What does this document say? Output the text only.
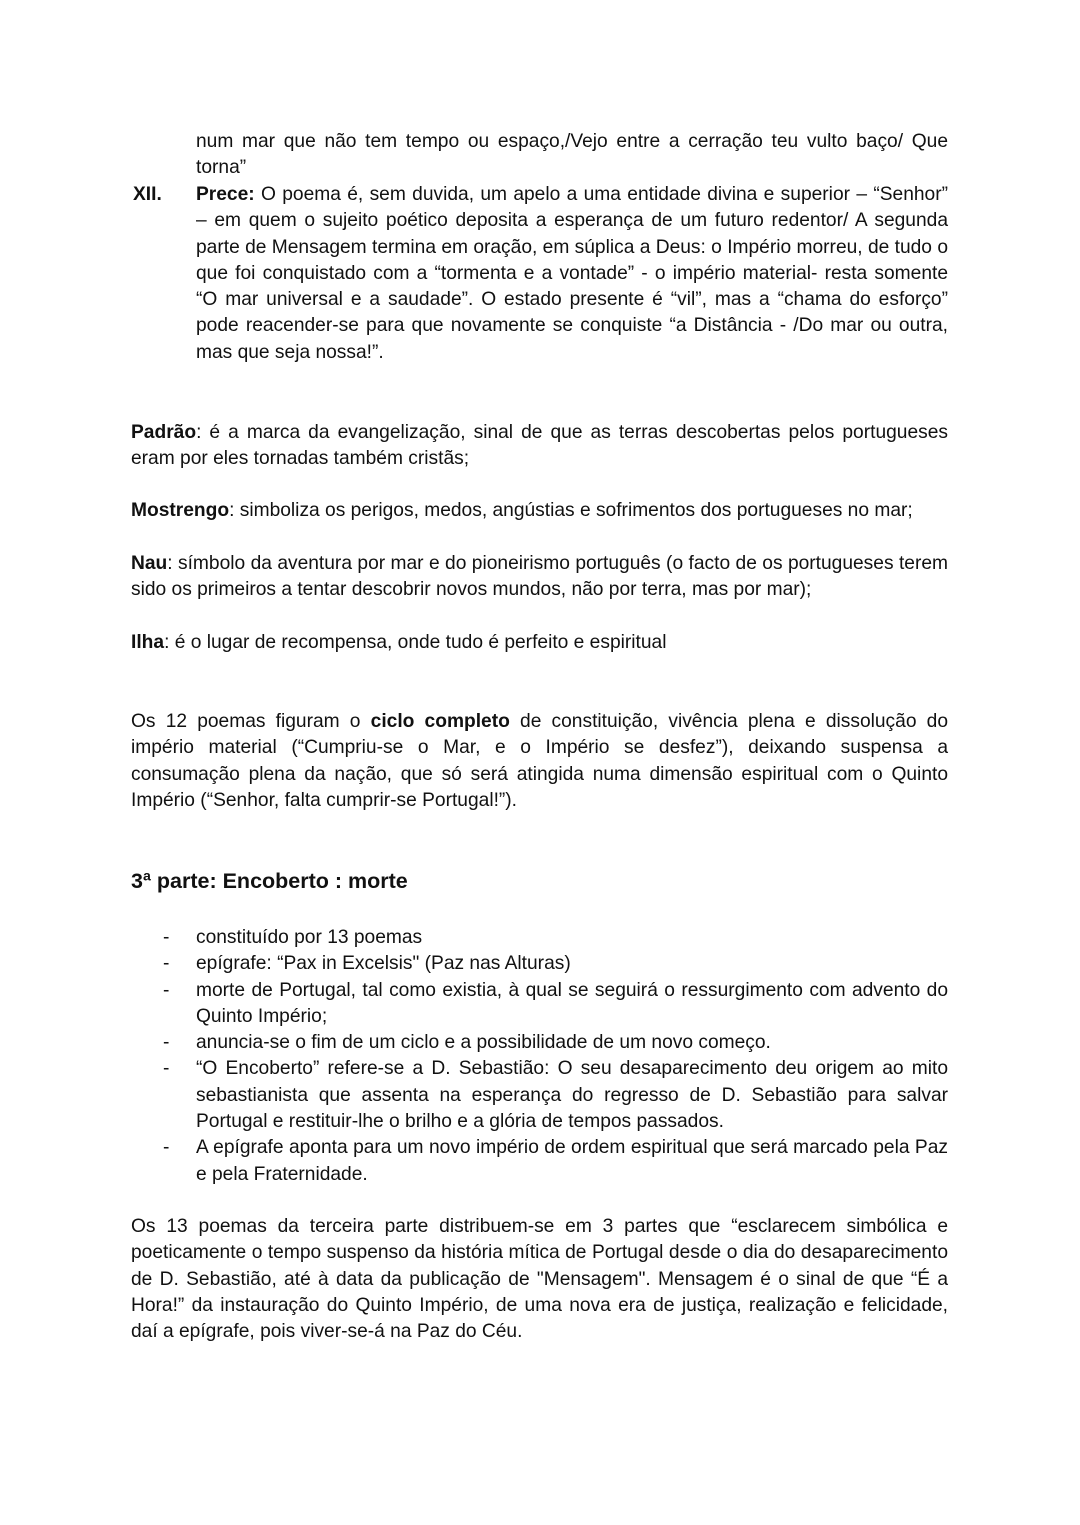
num mar que não tem tempo ou espaço,/Vejo entre a cerração teu vulto baço/ Que torna”

XII. Prece: O poema é, sem duvida, um apelo a uma entidade divina e superior – “Senhor” – em quem o sujeito poético deposita a esperança de um futuro redentor/ A segunda parte de Mensagem termina em oração, em súplica a Deus: o Império morreu, de tudo o que foi conquistado com a “tormenta e a vontade” - o império material- resta somente “O mar universal e a saudade”. O estado presente é “vil”, mas a “chama do esforço” pode reacender-se para que novamente se conquiste “a Distância - /Do mar ou outra, mas que seja nossa!”.

Padrão: é a marca da evangelização, sinal de que as terras descobertas pelos portugueses eram por eles tornadas também cristãs;

Mostrengo: simboliza os perigos, medos, angústias e sofrimentos dos portugueses no mar;

Nau: símbolo da aventura por mar e do pioneirismo português (o facto de os portugueses terem sido os primeiros a tentar descobrir novos mundos, não por terra, mas por mar);

Ilha: é o lugar de recompensa, onde tudo é perfeito e espiritual

Os 12 poemas figuram o ciclo completo de constituição, vivência plena e dissolução do império material (“Cumpriu-se o Mar, e o Império se desfez”), deixando suspensa a consumação plena da nação, que só será atingida numa dimensão espiritual com o Quinto Império (“Senhor, falta cumprir-se Portugal!”).

3ª parte: Encoberto : morte
- constituído por 13 poemas
- epígrafe: “Pax in Excelsis" (Paz nas Alturas)
- morte de Portugal, tal como existia, à qual se seguirá o ressurgimento com advento do Quinto Império;
- anuncia-se o fim de um ciclo e a possibilidade de um novo começo.
- “O Encoberto” refere-se a D. Sebastião: O seu desaparecimento deu origem ao mito sebastianista que assenta na esperança do regresso de D. Sebastião para salvar Portugal e restituir-lhe o brilho e a glória de tempos passados.
- A epígrafe aponta para um novo império de ordem espiritual que será marcado pela Paz e pela Fraternidade.

Os 13 poemas da terceira parte distribuem-se em 3 partes que “esclarecem simbólica e poeticamente o tempo suspenso da história mítica de Portugal desde o dia do desaparecimento de D. Sebastião, até à data da publicação de "Mensagem". Mensagem é o sinal de que “É a Hora!” da instauração do Quinto Império, de uma nova era de justiça, realização e felicidade, daí a epígrafe, pois viver-se-á na Paz do Céu.
